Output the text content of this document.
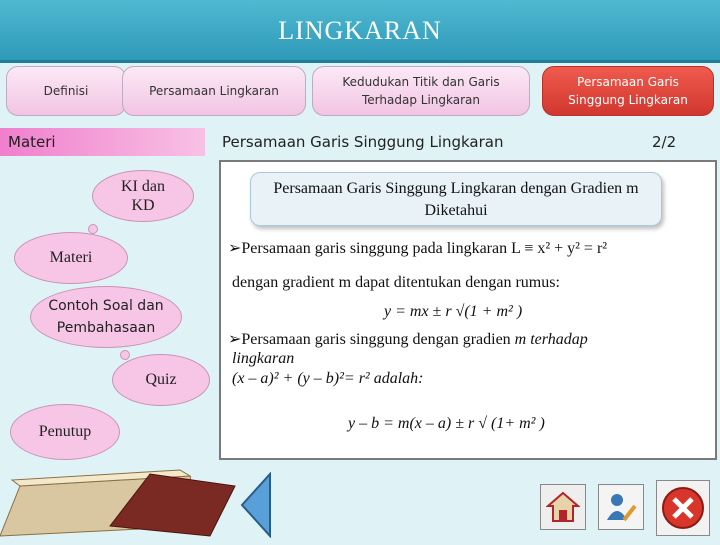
LINGKARAN
Definisi	Persamaan Lingkaran
Kedudukan Titik dan Garis Terhadap Lingkaran
Persamaan Garis Singgung Lingkaran
Materi	Persamaan Garis Singgung Lingkaran	2/2
KI dan KD
Materi
Contoh Soal dan Pembahasaan
Quiz
Penutup
Persamaan Garis Singgung Lingkaran dengan Gradien m Diketahui
➢Persamaan garis singgung pada lingkaran L ≡ x² + y² = r²
dengan gradient m dapat ditentukan dengan rumus:
y = mx ± r √(1 + m² )
➢Persamaan garis singgung dengan gradien m terhadap
lingkaran
(x – a)² + (y – b)²= r² adalah:
y – b = m(x – a) ± r √ (1+ m² )
